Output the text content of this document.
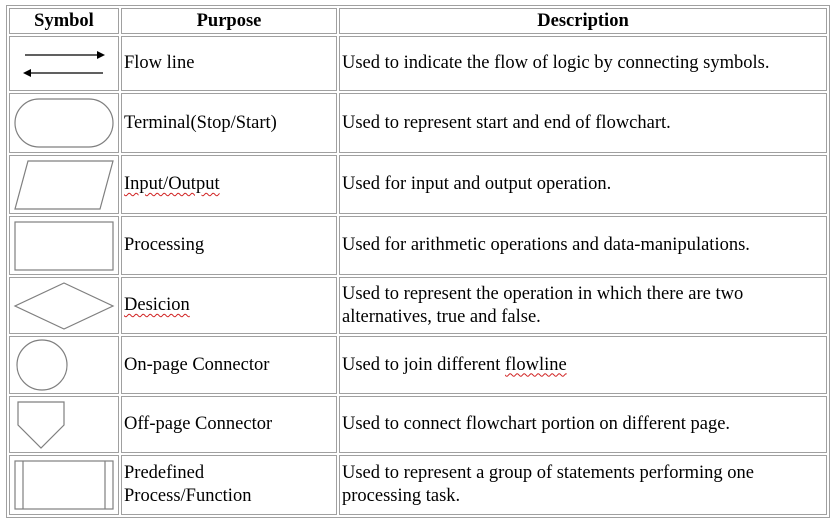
Symbol	Purpose	Description

	Flow line	Used to indicate the flow of logic by connecting symbols.

	Terminal(Stop/Start)	Used to represent start and end of flowchart.

	Input/Output	Used for input and output operation.

	Processing	Used for arithmetic operations and data-manipulations.

	Desicion	Used to represent the operation in which there are two alternatives, true and false.

	On-page Connector	Used to join different flowline

	Off-page Connector	Used to connect flowchart portion on different page.

	Predefined Process/Function	Used to represent a group of statements performing one processing task.
